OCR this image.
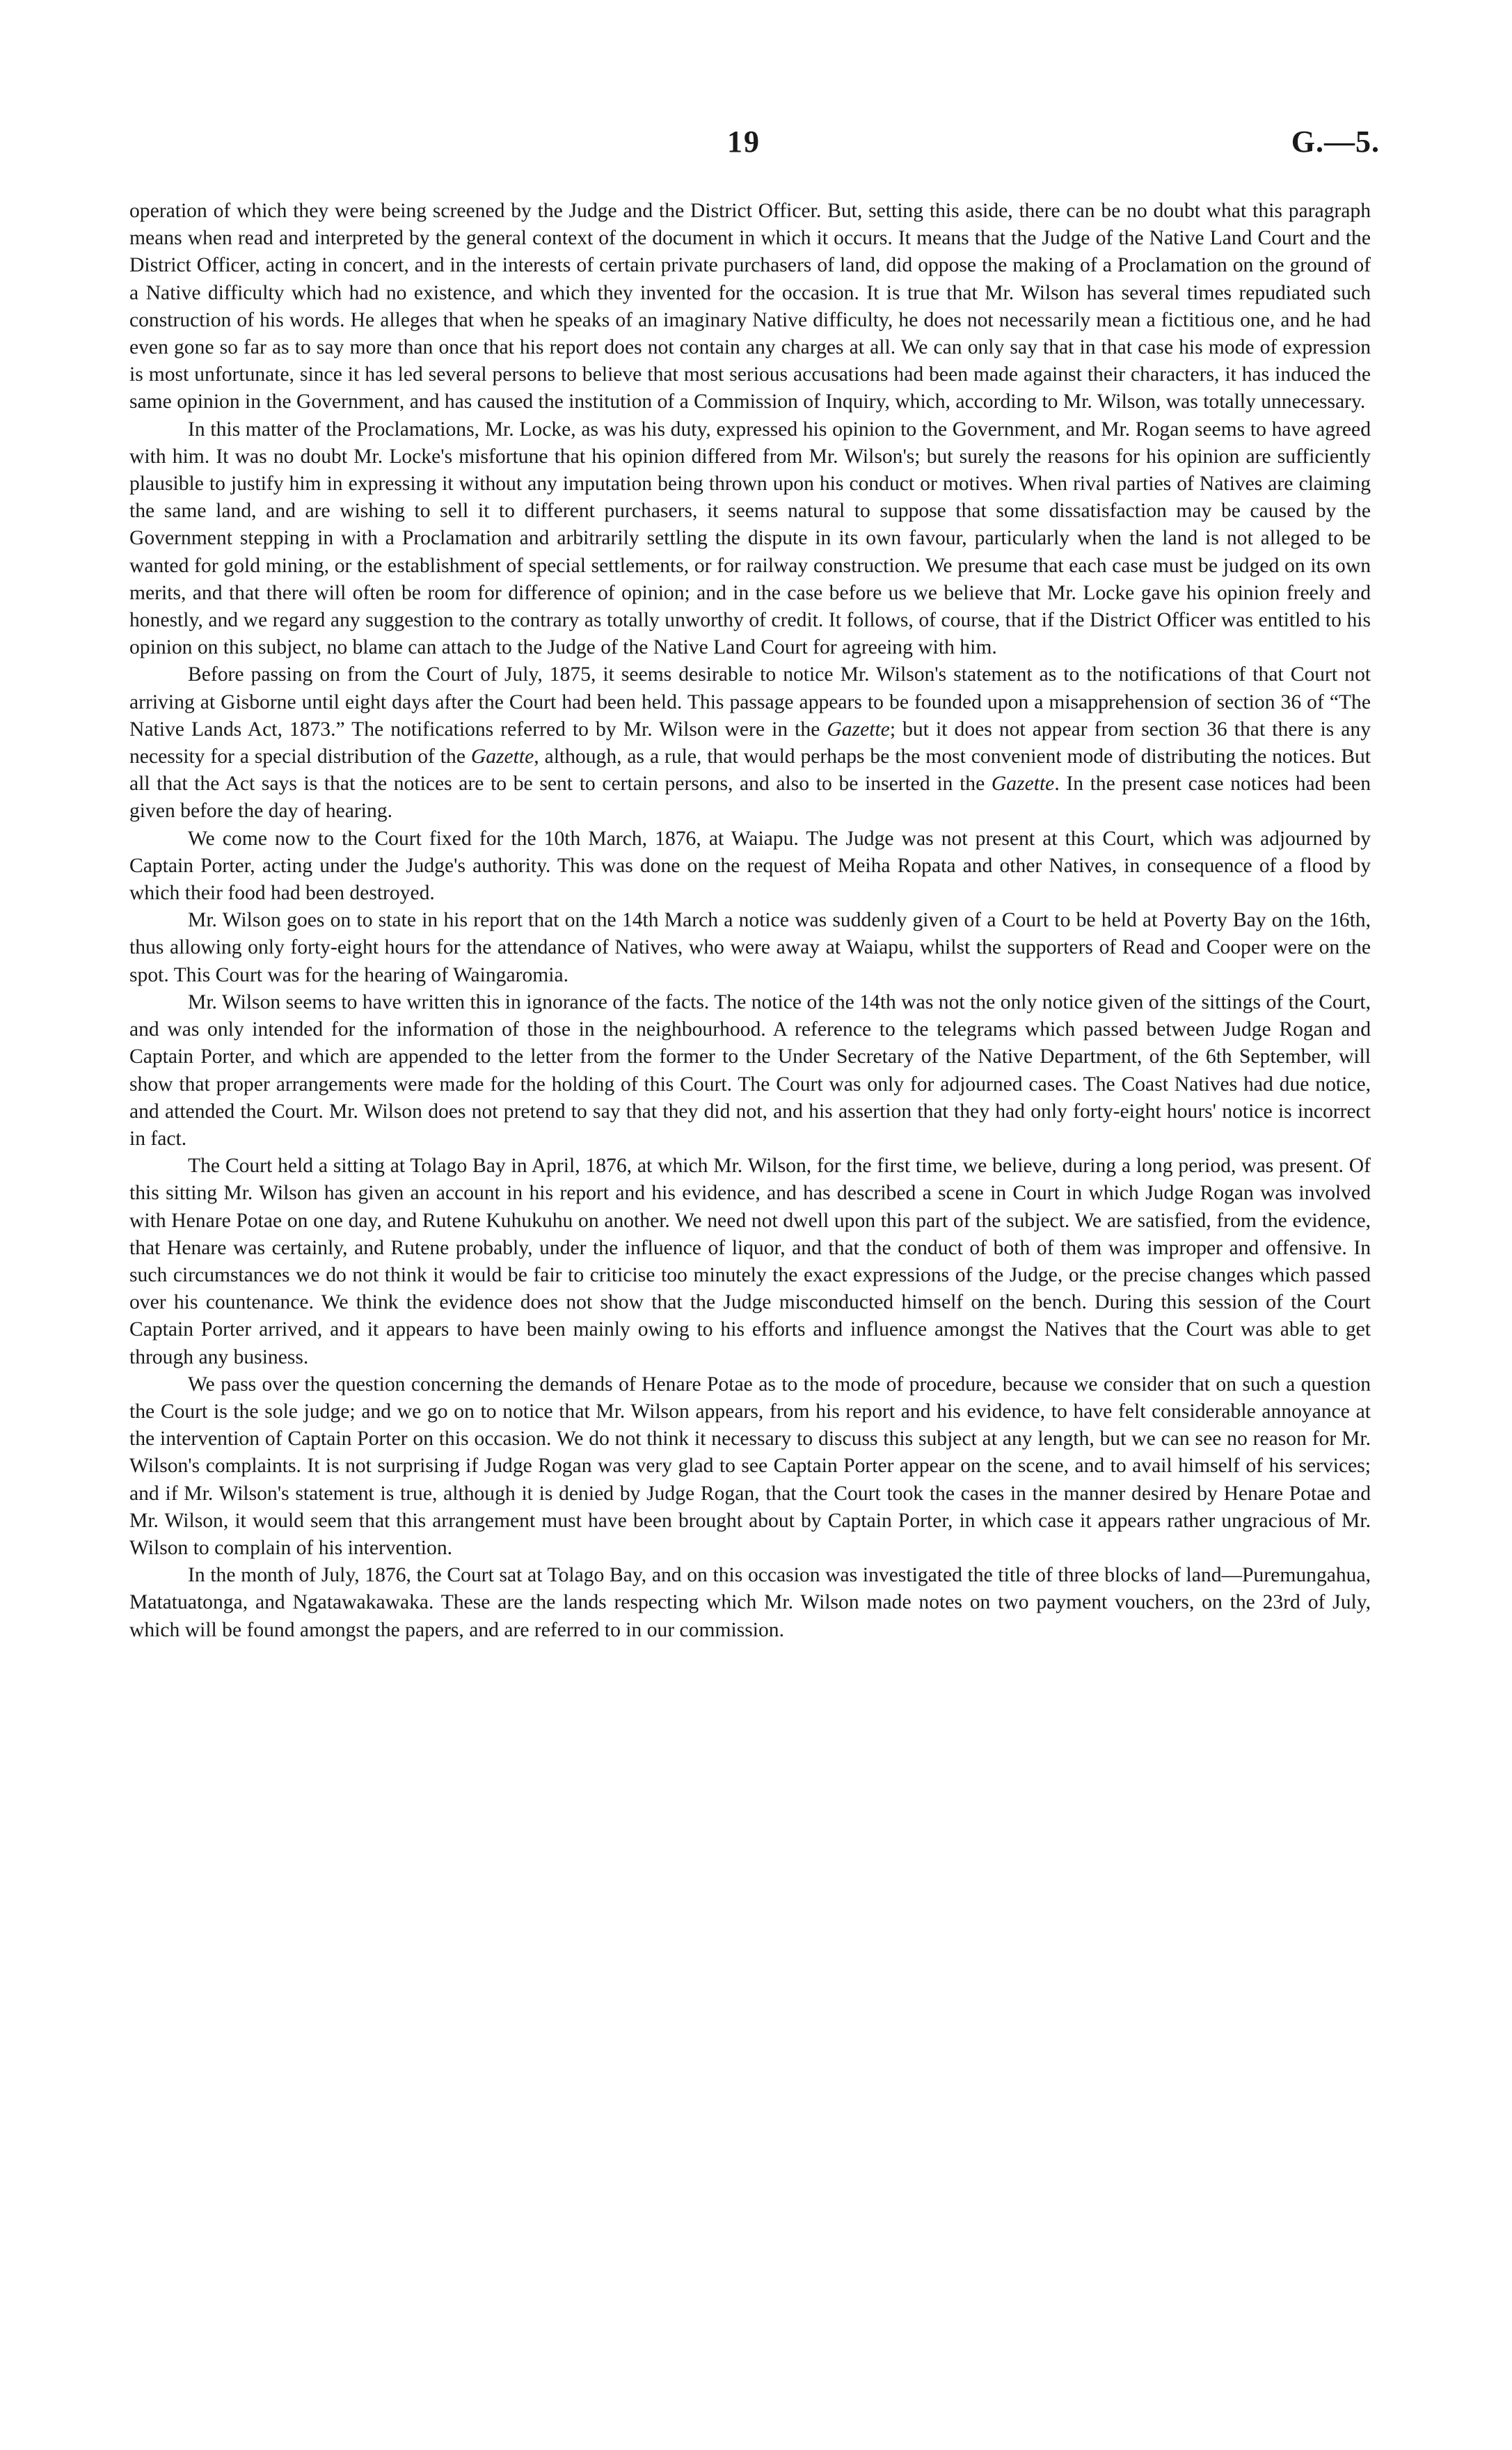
19	G.—5.

operation of which they were being screened by the Judge and the District Officer. But, setting this aside, there can be no doubt what this paragraph means when read and interpreted by the general context of the document in which it occurs. It means that the Judge of the Native Land Court and the District Officer, acting in concert, and in the interests of certain private purchasers of land, did oppose the making of a Proclamation on the ground of a Native difficulty which had no existence, and which they invented for the occasion. It is true that Mr. Wilson has several times repudiated such construction of his words. He alleges that when he speaks of an imaginary Native difficulty, he does not necessarily mean a fictitious one, and he had even gone so far as to say more than once that his report does not contain any charges at all. We can only say that in that case his mode of expression is most unfortunate, since it has led several persons to believe that most serious accusations had been made against their characters, it has induced the same opinion in the Government, and has caused the institution of a Commission of Inquiry, which, according to Mr. Wilson, was totally unnecessary.

In this matter of the Proclamations, Mr. Locke, as was his duty, expressed his opinion to the Government, and Mr. Rogan seems to have agreed with him. It was no doubt Mr. Locke's misfortune that his opinion differed from Mr. Wilson's; but surely the reasons for his opinion are sufficiently plausible to justify him in expressing it without any imputation being thrown upon his conduct or motives. When rival parties of Natives are claiming the same land, and are wishing to sell it to different purchasers, it seems natural to suppose that some dissatisfaction may be caused by the Government stepping in with a Proclamation and arbitrarily settling the dispute in its own favour, particularly when the land is not alleged to be wanted for gold mining, or the establishment of special settlements, or for railway construction. We presume that each case must be judged on its own merits, and that there will often be room for difference of opinion; and in the case before us we believe that Mr. Locke gave his opinion freely and honestly, and we regard any suggestion to the contrary as totally unworthy of credit. It follows, of course, that if the District Officer was entitled to his opinion on this subject, no blame can attach to the Judge of the Native Land Court for agreeing with him.

Before passing on from the Court of July, 1875, it seems desirable to notice Mr. Wilson's statement as to the notifications of that Court not arriving at Gisborne until eight days after the Court had been held. This passage appears to be founded upon a misapprehension of section 36 of “The Native Lands Act, 1873.” The notifications referred to by Mr. Wilson were in the Gazette; but it does not appear from section 36 that there is any necessity for a special distribution of the Gazette, although, as a rule, that would perhaps be the most convenient mode of distributing the notices. But all that the Act says is that the notices are to be sent to certain persons, and also to be inserted in the Gazette. In the present case notices had been given before the day of hearing.

We come now to the Court fixed for the 10th March, 1876, at Waiapu. The Judge was not present at this Court, which was adjourned by Captain Porter, acting under the Judge's authority. This was done on the request of Meiha Ropata and other Natives, in consequence of a flood by which their food had been destroyed.

Mr. Wilson goes on to state in his report that on the 14th March a notice was suddenly given of a Court to be held at Poverty Bay on the 16th, thus allowing only forty-eight hours for the attendance of Natives, who were away at Waiapu, whilst the supporters of Read and Cooper were on the spot. This Court was for the hearing of Waingaromia.

Mr. Wilson seems to have written this in ignorance of the facts. The notice of the 14th was not the only notice given of the sittings of the Court, and was only intended for the information of those in the neighbourhood. A reference to the telegrams which passed between Judge Rogan and Captain Porter, and which are appended to the letter from the former to the Under Secretary of the Native Department, of the 6th September, will show that proper arrangements were made for the holding of this Court. The Court was only for adjourned cases. The Coast Natives had due notice, and attended the Court. Mr. Wilson does not pretend to say that they did not, and his assertion that they had only forty-eight hours' notice is incorrect in fact.

The Court held a sitting at Tolago Bay in April, 1876, at which Mr. Wilson, for the first time, we believe, during a long period, was present. Of this sitting Mr. Wilson has given an account in his report and his evidence, and has described a scene in Court in which Judge Rogan was involved with Henare Potae on one day, and Rutene Kuhukuhu on another. We need not dwell upon this part of the subject. We are satisfied, from the evidence, that Henare was certainly, and Rutene probably, under the influence of liquor, and that the conduct of both of them was improper and offensive. In such circumstances we do not think it would be fair to criticise too minutely the exact expressions of the Judge, or the precise changes which passed over his countenance. We think the evidence does not show that the Judge misconducted himself on the bench. During this session of the Court Captain Porter arrived, and it appears to have been mainly owing to his efforts and influence amongst the Natives that the Court was able to get through any business.

We pass over the question concerning the demands of Henare Potae as to the mode of procedure, because we consider that on such a question the Court is the sole judge; and we go on to notice that Mr. Wilson appears, from his report and his evidence, to have felt considerable annoyance at the intervention of Captain Porter on this occasion. We do not think it necessary to discuss this subject at any length, but we can see no reason for Mr. Wilson's complaints. It is not surprising if Judge Rogan was very glad to see Captain Porter appear on the scene, and to avail himself of his services; and if Mr. Wilson's statement is true, although it is denied by Judge Rogan, that the Court took the cases in the manner desired by Henare Potae and Mr. Wilson, it would seem that this arrangement must have been brought about by Captain Porter, in which case it appears rather ungracious of Mr. Wilson to complain of his intervention.

In the month of July, 1876, the Court sat at Tolago Bay, and on this occasion was investigated the title of three blocks of land—Puremungahua, Matatuatonga, and Ngatawakawaka. These are the lands respecting which Mr. Wilson made notes on two payment vouchers, on the 23rd of July, which will be found amongst the papers, and are referred to in our commission.
